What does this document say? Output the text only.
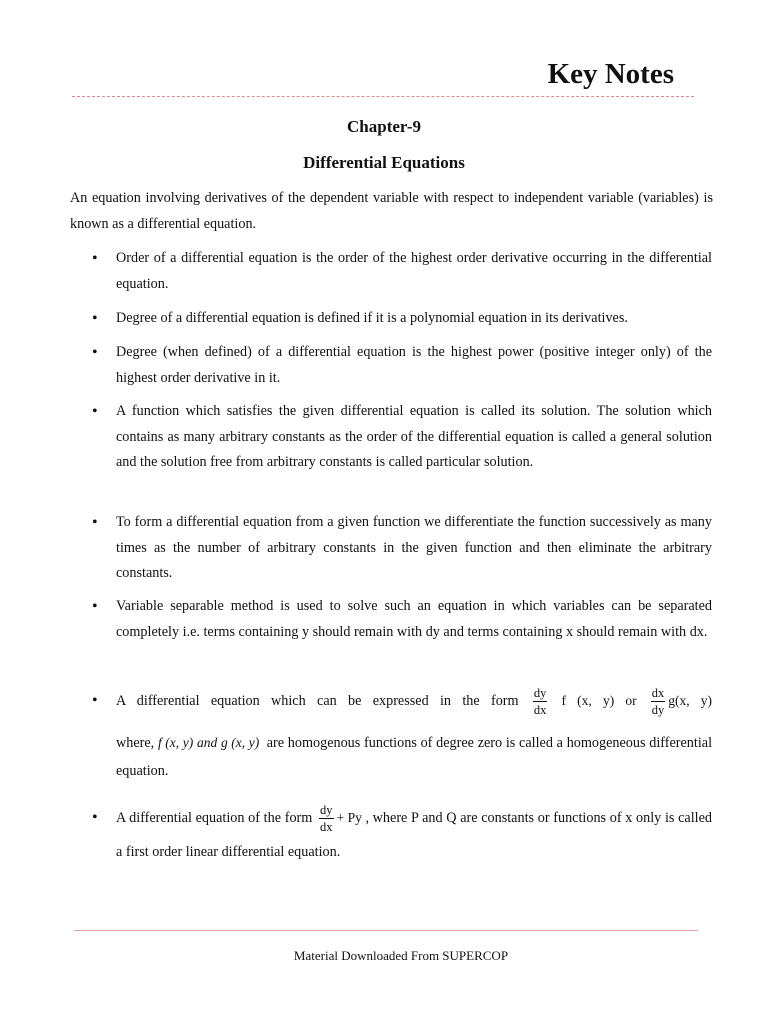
Key Notes
Chapter-9
Differential Equations
An equation involving derivatives of the dependent variable with respect to independent variable (variables) is known as a differential equation.
• Order of a differential equation is the order of the highest order derivative occurring in the differential equation.
• Degree of a differential equation is defined if it is a polynomial equation in its derivatives.
• Degree (when defined) of a differential equation is the highest power (positive integer only) of the highest order derivative in it.
• A function which satisfies the given differential equation is called its solution. The solution which contains as many arbitrary constants as the order of the differential equation is called a general solution and the solution free from arbitrary constants is called particular solution.
• To form a differential equation from a given function we differentiate the function successively as many times as the number of arbitrary constants in the given function and then eliminate the arbitrary constants.
• Variable separable method is used to solve such an equation in which variables can be separated completely i.e. terms containing y should remain with dy and terms containing x should remain with dx.
• A differential equation which can be expressed in the form $\frac{dy}{dx}$ f (x, y) or $\frac{dx}{dy} g(x$, y)
where, f (x, y) and g (x, y) are homogenous functions of degree zero is called a homogeneous differential equation.
• A differential equation of the form $\frac{dy}{dx} + Py$ , where P and Q are constants or functions of x only is called a first order linear differential equation.
Material Downloaded From SUPERCOP
